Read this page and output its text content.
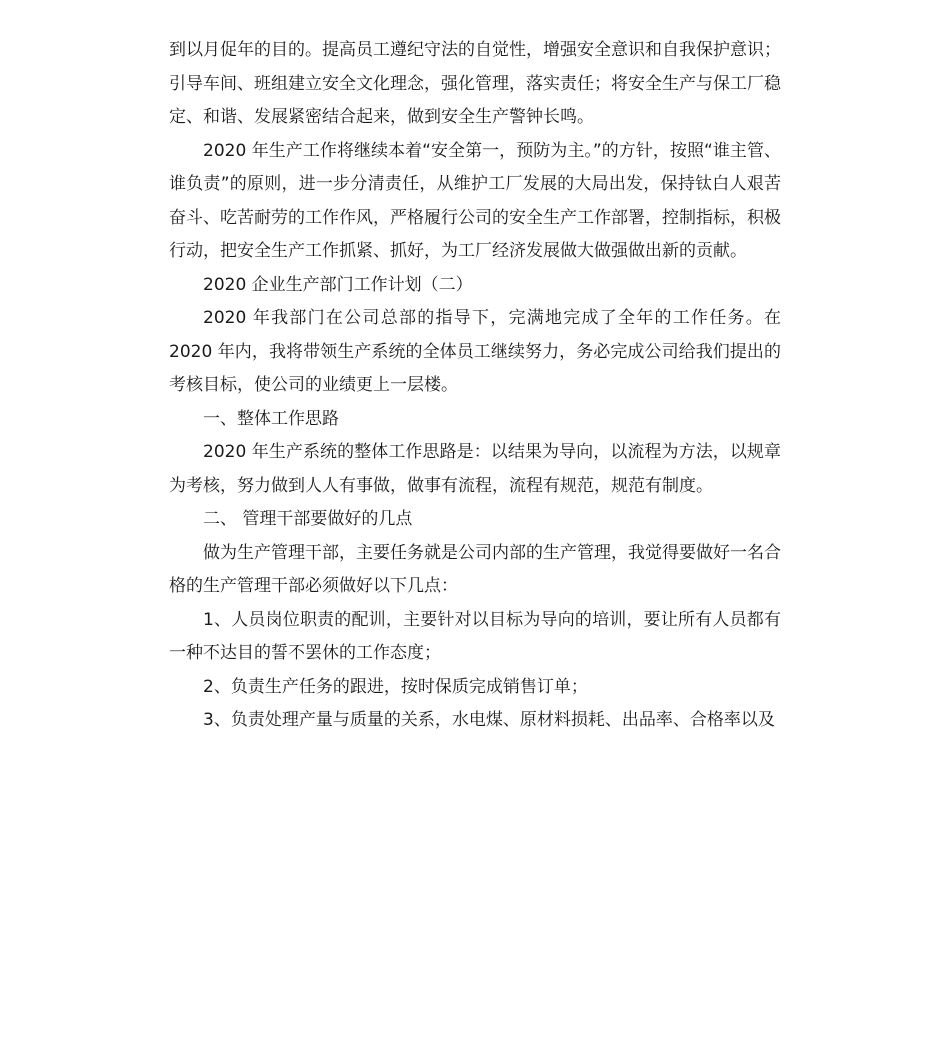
到以月促年的目的。提高员工遵纪守法的自觉性，增强安全意识和自我保护意识；引导车间、班组建立安全文化理念，强化管理，落实责任；将安全生产与保工厂稳定、和谐、发展紧密结合起来，做到安全生产警钟长鸣。

2020 年生产工作将继续本着“安全第一，预防为主。”的方针，按照“谁主管、谁负责”的原则，进一步分清责任，从维护工厂发展的大局出发，保持钛白人艰苦奋斗、吃苦耐劳的工作作风，严格履行公司的安全生产工作部署，控制指标，积极行动，把安全生产工作抓紧、抓好，为工厂经济发展做大做强做出新的贡献。

2020 企业生产部门工作计划（二）

2020 年我部门在公司总部的指导下，完满地完成了全年的工作任务。在 2020 年内，我将带领生产系统的全体员工继续努力，务必完成公司给我们提出的考核目标，使公司的业绩更上一层楼。

一、整体工作思路

2020 年生产系统的整体工作思路是：以结果为导向，以流程为方法，以规章为考核，努力做到人人有事做，做事有流程，流程有规范，规范有制度。

二、 管理干部要做好的几点

做为生产管理干部，主要任务就是公司内部的生产管理，我觉得要做好一名合格的生产管理干部必须做好以下几点：

1、人员岗位职责的配训，主要针对以目标为导向的培训，要让所有人员都有一种不达目的誓不罢休的工作态度；

2、负责生产任务的跟进，按时保质完成销售订单；

3、负责处理产量与质量的关系，水电煤、原材料损耗、出品率、合格率以及
